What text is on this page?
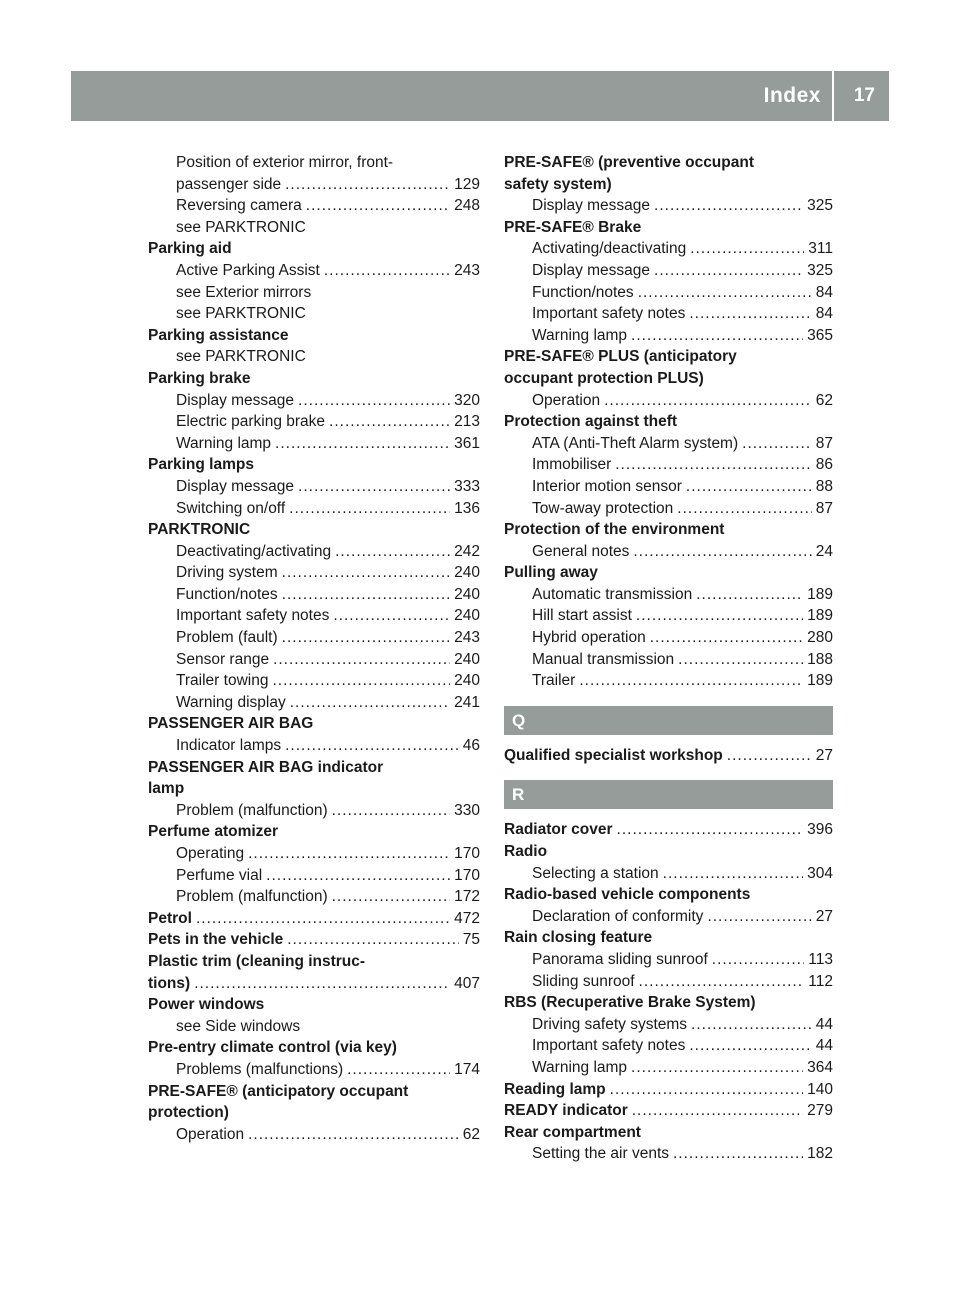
Index 17
Position of exterior mirror, front-
passenger side .....	129
Reversing camera .....	248
see PARKTRONIC
Parking aid
Active Parking Assist .....	243
see Exterior mirrors
see PARKTRONIC
Parking assistance
see PARKTRONIC
Parking brake
Display message .....	320
Electric parking brake .....	213
Warning lamp .....	361
Parking lamps
Display message .....	333
Switching on/off .....	136
PARKTRONIC
Deactivating/activating .....	242
Driving system .....	240
Function/notes .....	240
Important safety notes .....	240
Problem (fault) .....	243
Sensor range .....	240
Trailer towing .....	240
Warning display .....	241
PASSENGER AIR BAG
Indicator lamps .....	46
PASSENGER AIR BAG indicator
lamp
Problem (malfunction) .....	330
Perfume atomizer
Operating .....	170
Perfume vial .....	170
Problem (malfunction) .....	172
Petrol .....	472
Pets in the vehicle .....	75
Plastic trim (cleaning instruc-
tions) .....	407
Power windows
see Side windows
Pre-entry climate control (via key)
Problems (malfunctions) .....	174
PRE-SAFE® (anticipatory occupant
protection)
Operation .....	62
PRE-SAFE® (preventive occupant
safety system)
Display message .....	325
PRE-SAFE® Brake
Activating/deactivating .....	311
Display message .....	325
Function/notes .....	84
Important safety notes .....	84
Warning lamp .....	365
PRE-SAFE® PLUS (anticipatory
occupant protection PLUS)
Operation .....	62
Protection against theft
ATA (Anti-Theft Alarm system) .....	87
Immobiliser .....	86
Interior motion sensor .....	88
Tow-away protection .....	87
Protection of the environment
General notes .....	24
Pulling away
Automatic transmission .....	189
Hill start assist .....	189
Hybrid operation .....	280
Manual transmission .....	188
Trailer .....	189
Q
Qualified specialist workshop .....	27
R
Radiator cover .....	396
Radio
Selecting a station .....	304
Radio-based vehicle components
Declaration of conformity .....	27
Rain closing feature
Panorama sliding sunroof .....	113
Sliding sunroof .....	112
RBS (Recuperative Brake System)
Driving safety systems .....	44
Important safety notes .....	44
Warning lamp .....	364
Reading lamp .....	140
READY indicator .....	279
Rear compartment
Setting the air vents .....	182
